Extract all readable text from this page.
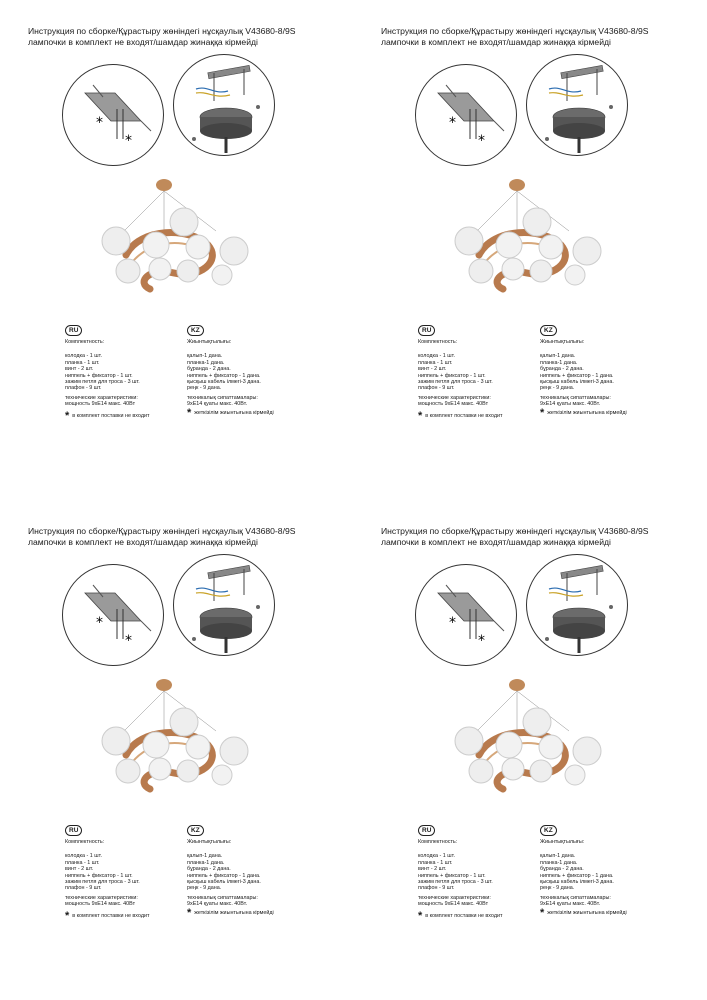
Инструкция по сборке/Құрастыру жөніндегі нұсқаулық V43680-8/9S
лампочки в комплект не входят/шамдар жинаққа кірмейді
*
*
RU
Комплектность:
колодка - 1 шт.
планка - 1 шт.
винт - 2 шт.
ниппель + фиксатор - 1 шт.
зажим петля для троса - 3 шт.
плафон - 9 шт.
технические характеристики:
мощность 9хЕ14 макс. 40Вт
* в комплект поставки не входит
KZ
Жиынтықтылығы:
қалып-1 дана.
планка-1 дана.
бұранда - 2 дана.
ниппель + фиксатор - 1 дана.
қысқыш кабель ілмегі-3 дана.
реңк - 9 дана.
техникалық сипаттамалары:
9хЕ14 қуаты макс. 40Вт.
* жеткізілім жиынтығына кірмейді
Инструкция по сборке/Құрастыру жөніндегі нұсқаулық V43680-8/9S
лампочки в комплект не входят/шамдар жинаққа кірмейді
*
*
RU
Комплектность:
колодка - 1 шт.
планка - 1 шт.
винт - 2 шт.
ниппель + фиксатор - 1 шт.
зажим петля для троса - 3 шт.
плафон - 9 шт.
технические характеристики:
мощность 9хЕ14 макс. 40Вт
* в комплект поставки не входит
KZ
Жиынтықтылығы:
қалып-1 дана.
планка-1 дана.
бұранда - 2 дана.
ниппель + фиксатор - 1 дана.
қысқыш кабель ілмегі-3 дана.
реңк - 9 дана.
техникалық сипаттамалары:
9хЕ14 қуаты макс. 40Вт.
* жеткізілім жиынтығына кірмейді
Инструкция по сборке/Құрастыру жөніндегі нұсқаулық V43680-8/9S
лампочки в комплект не входят/шамдар жинаққа кірмейді
*
*
RU
Комплектность:
колодка - 1 шт.
планка - 1 шт.
винт - 2 шт.
ниппель + фиксатор - 1 шт.
зажим петля для троса - 3 шт.
плафон - 9 шт.
технические характеристики:
мощность 9хЕ14 макс. 40Вт
* в комплект поставки не входит
KZ
Жиынтықтылығы:
қалып-1 дана.
планка-1 дана.
бұранда - 2 дана.
ниппель + фиксатор - 1 дана.
қысқыш кабель ілмегі-3 дана.
реңк - 9 дана.
техникалық сипаттамалары:
9хЕ14 қуаты макс. 40Вт.
* жеткізілім жиынтығына кірмейді
Инструкция по сборке/Құрастыру жөніндегі нұсқаулық V43680-8/9S
лампочки в комплект не входят/шамдар жинаққа кірмейді
*
*
RU
Комплектность:
колодка - 1 шт.
планка - 1 шт.
винт - 2 шт.
ниппель + фиксатор - 1 шт.
зажим петля для троса - 3 шт.
плафон - 9 шт.
технические характеристики:
мощность 9хЕ14 макс. 40Вт
* в комплект поставки не входит
KZ
Жиынтықтылығы:
қалып-1 дана.
планка-1 дана.
бұранда - 2 дана.
ниппель + фиксатор - 1 дана.
қысқыш кабель ілмегі-3 дана.
реңк - 9 дана.
техникалық сипаттамалары:
9хЕ14 қуаты макс. 40Вт.
* жеткізілім жиынтығына кірмейді
